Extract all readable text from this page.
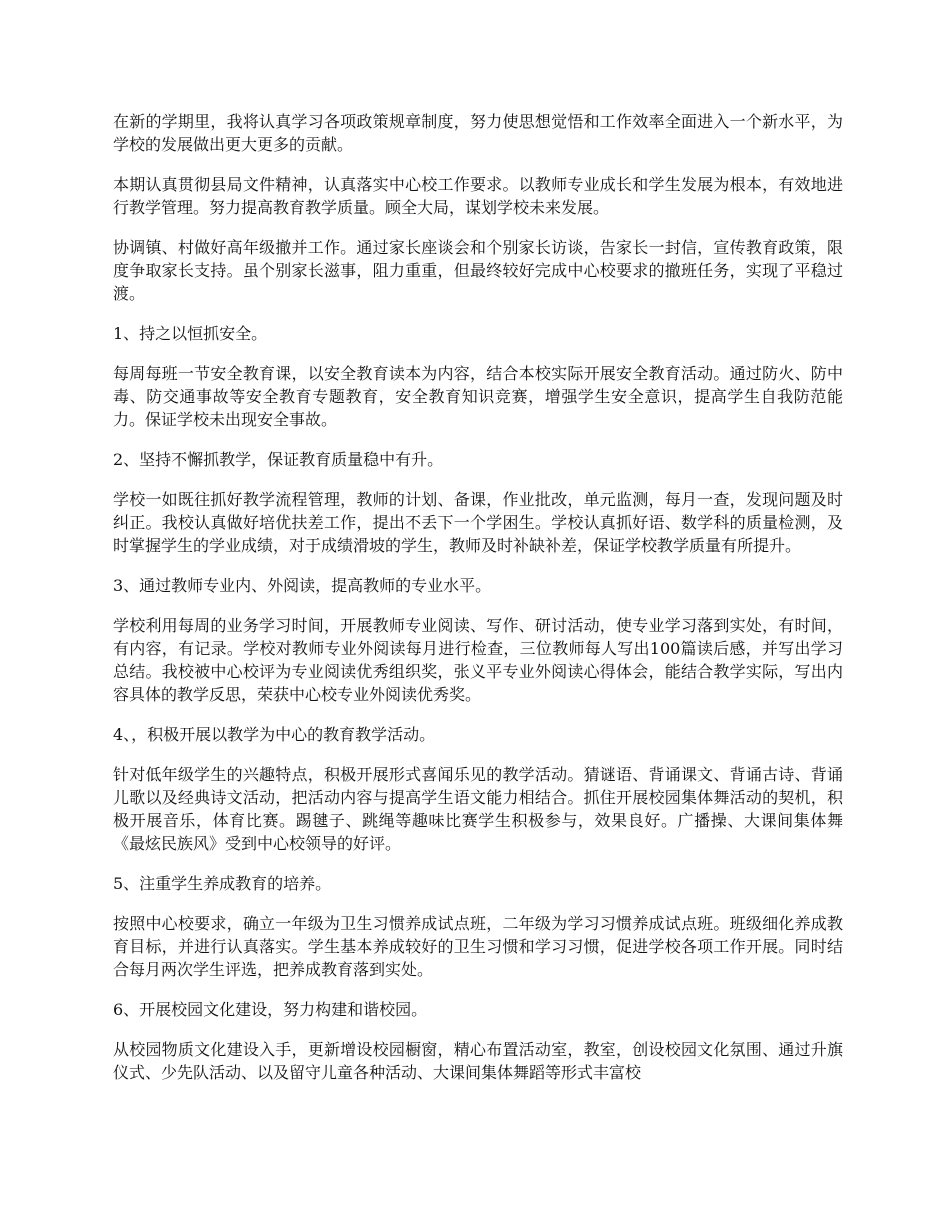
在新的学期里，我将认真学习各项政策规章制度，努力使思想觉悟和工作效率全面进入一个新水平，为学校的发展做出更大更多的贡献。

本期认真贯彻县局文件精神，认真落实中心校工作要求。以教师专业成长和学生发展为根本，有效地进行教学管理。努力提高教育教学质量。顾全大局，谋划学校未来发展。

协调镇、村做好高年级撤并工作。通过家长座谈会和个别家长访谈，告家长一封信，宣传教育政策，限度争取家长支持。虽个别家长滋事，阻力重重，但最终较好完成中心校要求的撤班任务，实现了平稳过渡。

1、持之以恒抓安全。

每周每班一节安全教育课，以安全教育读本为内容，结合本校实际开展安全教育活动。通过防火、防中毒、防交通事故等安全教育专题教育，安全教育知识竞赛，增强学生安全意识，提高学生自我防范能力。保证学校未出现安全事故。

2、坚持不懈抓教学，保证教育质量稳中有升。

学校一如既往抓好教学流程管理，教师的计划、备课，作业批改，单元监测，每月一查，发现问题及时纠正。我校认真做好培优扶差工作，提出不丢下一个学困生。学校认真抓好语、数学科的质量检测，及时掌握学生的学业成绩，对于成绩滑坡的学生，教师及时补缺补差，保证学校教学质量有所提升。

3、通过教师专业内、外阅读，提高教师的专业水平。

学校利用每周的业务学习时间，开展教师专业阅读、写作、研讨活动，使专业学习落到实处，有时间，有内容，有记录。学校对教师专业外阅读每月进行检查，三位教师每人写出100篇读后感，并写出学习总结。我校被中心校评为专业阅读优秀组织奖，张义平专业外阅读心得体会，能结合教学实际，写出内容具体的教学反思，荣获中心校专业外阅读优秀奖。

4、，积极开展以教学为中心的教育教学活动。

针对低年级学生的兴趣特点，积极开展形式喜闻乐见的教学活动。猜谜语、背诵课文、背诵古诗、背诵儿歌以及经典诗文活动，把活动内容与提高学生语文能力相结合。抓住开展校园集体舞活动的契机，积极开展音乐，体育比赛。踢毽子、跳绳等趣味比赛学生积极参与，效果良好。广播操、大课间集体舞《最炫民族风》受到中心校领导的好评。

5、注重学生养成教育的培养。

按照中心校要求，确立一年级为卫生习惯养成试点班，二年级为学习习惯养成试点班。班级细化养成教育目标，并进行认真落实。学生基本养成较好的卫生习惯和学习习惯，促进学校各项工作开展。同时结合每月两次学生评选，把养成教育落到实处。

6、开展校园文化建设，努力构建和谐校园。

从校园物质文化建设入手，更新增设校园橱窗，精心布置活动室，教室，创设校园文化氛围、通过升旗仪式、少先队活动、以及留守儿童各种活动、大课间集体舞蹈等形式丰富校
